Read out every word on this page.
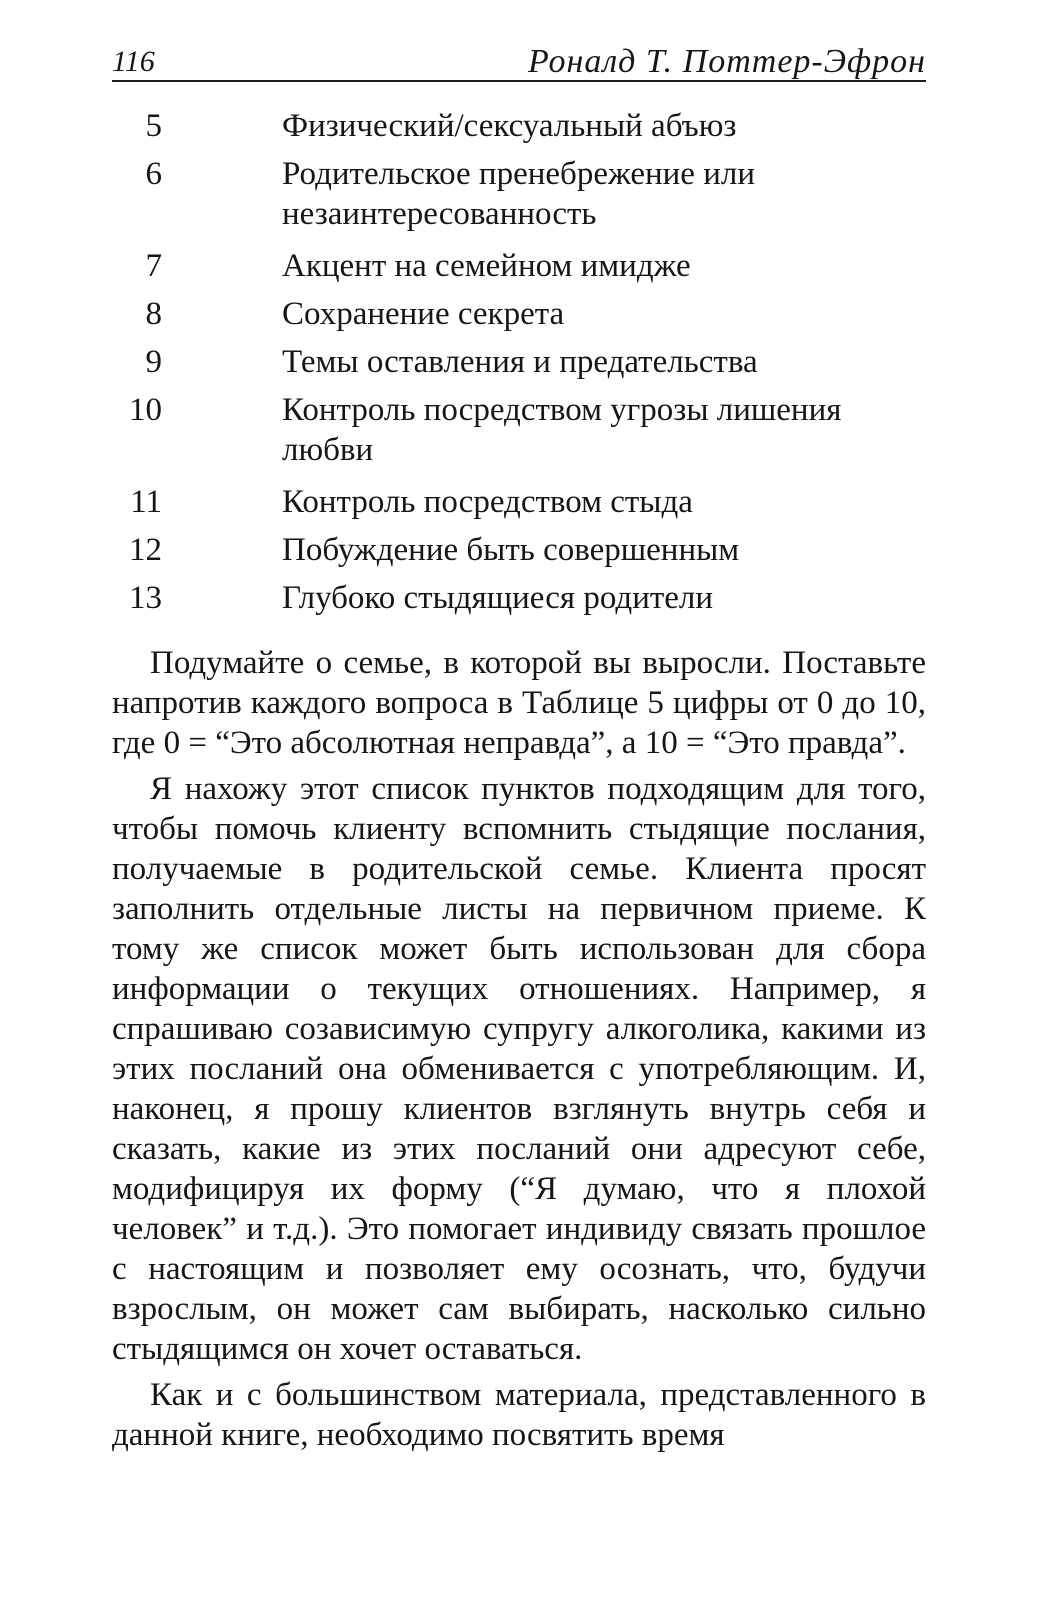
116	Роналд Т. Поттер-Эфрон
5	Физический/сексуальный абъюз
6	Родительское пренебрежение или незаинтересованность
7	Акцент на семейном имидже
8	Сохранение секрета
9	Темы оставления и предательства
10	Контроль посредством угрозы лишения любви
11	Контроль посредством стыда
12	Побуждение быть совершенным
13	Глубоко стыдящиеся родители

Подумайте о семье, в которой вы выросли. Поставьте напротив каждого вопроса в Таблице 5 цифры от 0 до 10, где 0 = “Это абсолютная неправда”, а 10 = “Это правда”.

Я нахожу этот список пунктов подходящим для того, чтобы помочь клиенту вспомнить стыдящие послания, получаемые в родительской семье. Клиента просят заполнить отдельные листы на первичном приеме. К тому же список может быть использован для сбора информации о текущих отношениях. Например, я спрашиваю созависимую супругу алкоголика, какими из этих посланий она обменивается с употребляющим. И, наконец, я прошу клиентов взглянуть внутрь себя и сказать, какие из этих посланий они адресуют себе, модифицируя их форму (“Я думаю, что я плохой человек” и т.д.). Это помогает индивиду связать прошлое с настоящим и позволяет ему осознать, что, будучи взрослым, он может сам выбирать, насколько сильно стыдящимся он хочет оставаться.

Как и с большинством материала, представленного в данной книге, необходимо посвятить время
